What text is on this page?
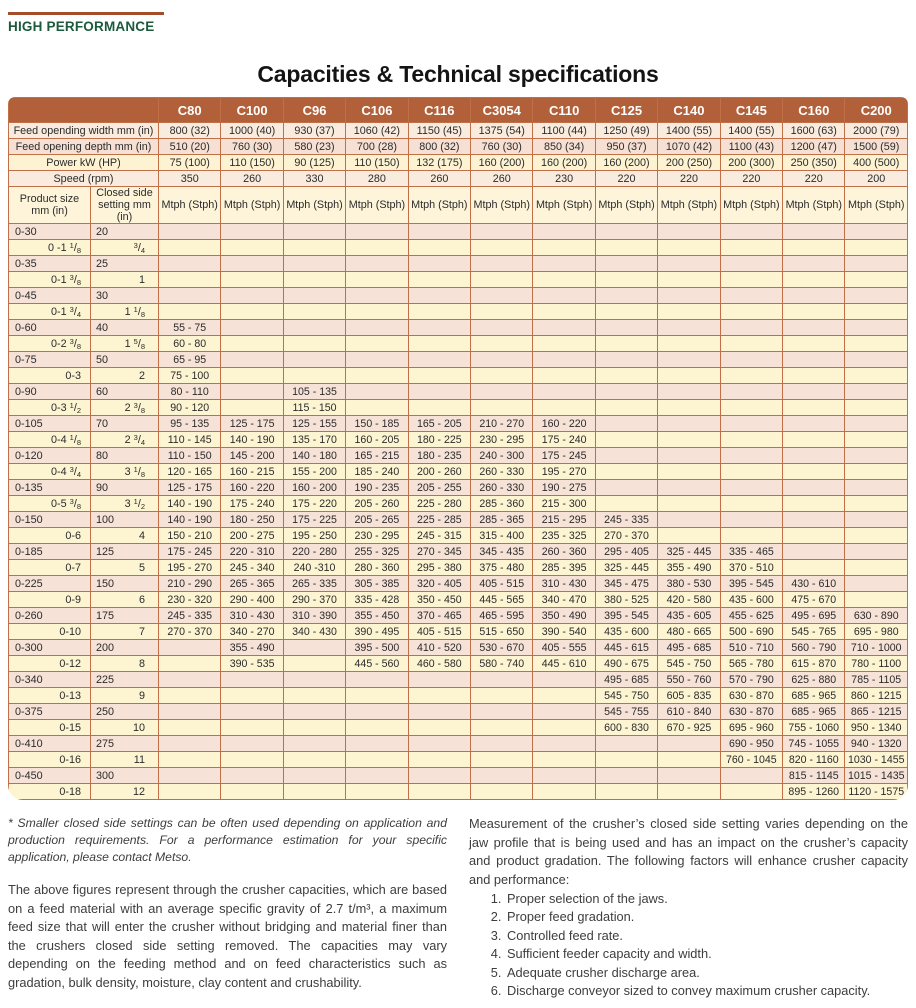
HIGH PERFORMANCE
Capacities & Technical specifications
		C80	C100	C96	C106	C116	C3054	C110	C125	C140	C145	C160	C200
Feed opending width mm (in)		800 (32)	1000 (40)	930 (37)	1060 (42)	1150 (45)	1375 (54)	1100 (44)	1250 (49)	1400 (55)	1400 (55)	1600 (63)	2000 (79)
Feed opening depth mm (in)		510 (20)	760 (30)	580 (23)	700 (28)	800 (32)	760 (30)	850 (34)	950 (37)	1070 (42)	1100 (43)	1200 (47)	1500 (59)
Power kW (HP)		75 (100)	110 (150)	90 (125)	110 (150)	132 (175)	160 (200)	160 (200)	160 (200)	200 (250)	200 (300)	250 (350)	400 (500)
Speed (rpm)		350	260	330	280	260	260	230	220	220	220	220	200
Product size mm (in)	Closed side setting mm (in)	Mtph (Stph)	Mtph (Stph)	Mtph (Stph)	Mtph (Stph)	Mtph (Stph)	Mtph (Stph)	Mtph (Stph)	Mtph (Stph)	Mtph (Stph)	Mtph (Stph)	Mtph (Stph)	Mtph (Stph)
0-30	20												
0 -1 $^1/_8$	$^3/_4$												
0-35	25												
0-1 $^3/_8$	1												
0-45	30												
0-1 $^3/_4$	1 $^1/_8$												
0-60	40	55 - 75											
0-2 $^3/_8$	1 $^5/_8$	60 - 80											
0-75	50	65 - 95											
0-3	2	75 - 100											
0-90	60	80 - 110		105 - 135									
0-3 $^1/_2$	2 $^3/_8$	90 - 120		115 - 150									
0-105	70	95 - 135	125 - 175	125 - 155	150 - 185	165 - 205	210 - 270	160 - 220					
0-4 $^1/_8$	2 $^3/_4$	110 - 145	140 - 190	135 - 170	160 - 205	180 - 225	230 - 295	175 - 240					
0-120	80	110 - 150	145 - 200	140 - 180	165 - 215	180 - 235	240 - 300	175 - 245					
0-4 $^3/_4$	3 $^1/_8$	120 - 165	160 - 215	155 - 200	185 - 240	200 - 260	260 - 330	195 - 270					
0-135	90	125 - 175	160 - 220	160 - 200	190 - 235	205 - 255	260 - 330	190 - 275					
0-5 $^3/_8$	3 $^1/_2$	140 - 190	175 - 240	175 - 220	205 - 260	225 - 280	285 - 360	215 - 300					
0-150	100	140 - 190	180 - 250	175 - 225	205 - 265	225 - 285	285 - 365	215 - 295	245 - 335				
0-6	4	150 - 210	200 - 275	195 - 250	230 - 295	245 - 315	315 - 400	235 - 325	270 - 370				
0-185	125	175 - 245	220 - 310	220 - 280	255 - 325	270 - 345	345 - 435	260 - 360	295 - 405	325 - 445	335 - 465		
0-7	5	195 - 270	245 - 340	240 -310	280 - 360	295 - 380	375 - 480	285 - 395	325 - 445	355 - 490	370 - 510		
0-225	150	210 - 290	265 - 365	265 - 335	305 - 385	320 - 405	405 - 515	310 - 430	345 - 475	380 - 530	395 - 545	430 - 610	
0-9	6	230 - 320	290 - 400	290 - 370	335 - 428	350 - 450	445 - 565	340 - 470	380 - 525	420 - 580	435 - 600	475 - 670	
0-260	175	245 - 335	310 - 430	310 - 390	355 - 450	370 - 465	465 - 595	350 - 490	395 - 545	435 - 605	455 - 625	495 - 695	630 - 890
0-10	7	270 - 370	340 - 270	340 - 430	390 - 495	405 - 515	515 - 650	390 - 540	435 - 600	480 - 665	500 - 690	545 - 765	695 - 980
0-300	200		355 - 490		395 - 500	410 - 520	530 - 670	405 - 555	445 - 615	495 - 685	510 - 710	560 - 790	710 - 1000
0-12	8		390 - 535		445 - 560	460 - 580	580 - 740	445 - 610	490 - 675	545 - 750	565 - 780	615 - 870	780 - 1100
0-340	225								495 - 685	550 - 760	570 - 790	625 - 880	785 - 1105
0-13	9								545 - 750	605 - 835	630 - 870	685 - 965	860 - 1215
0-375	250								545 - 755	610 - 840	630 - 870	685 - 965	865 - 1215
0-15	10								600 - 830	670 - 925	695 - 960	755 - 1060	950 - 1340
0-410	275										690 - 950	745 - 1055	940 - 1320
0-16	11										760 - 1045	820 - 1160	1030 - 1455
0-450	300											815 - 1145	1015 - 1435
0-18	12											895 - 1260	1120 - 1575

* Smaller closed side settings can be often used depending on application and production requirements. For a performance estimation for your specific application, please contact Metso.

The above figures represent through the crusher capacities, which are based on a feed material with an average specific gravity of 2.7 t/m³, a maximum feed size that will enter the crusher without bridging and material finer than the crushers closed side setting removed. The capacities may vary depending on the feeding method and on feed characteristics such as gradation, bulk density, moisture, clay content and crushability.

Measurement of the crusher’s closed side setting varies depending on the jaw profile that is being used and has an impact on the crusher’s capacity and product gradation. The following factors will enhance crusher capacity and performance:

1. Proper selection of the jaws.
2. Proper feed gradation.
3. Controlled feed rate.
4. Sufficient feeder capacity and width.
5. Adequate crusher discharge area.
6. Discharge conveyor sized to convey maximum crusher capacity.
